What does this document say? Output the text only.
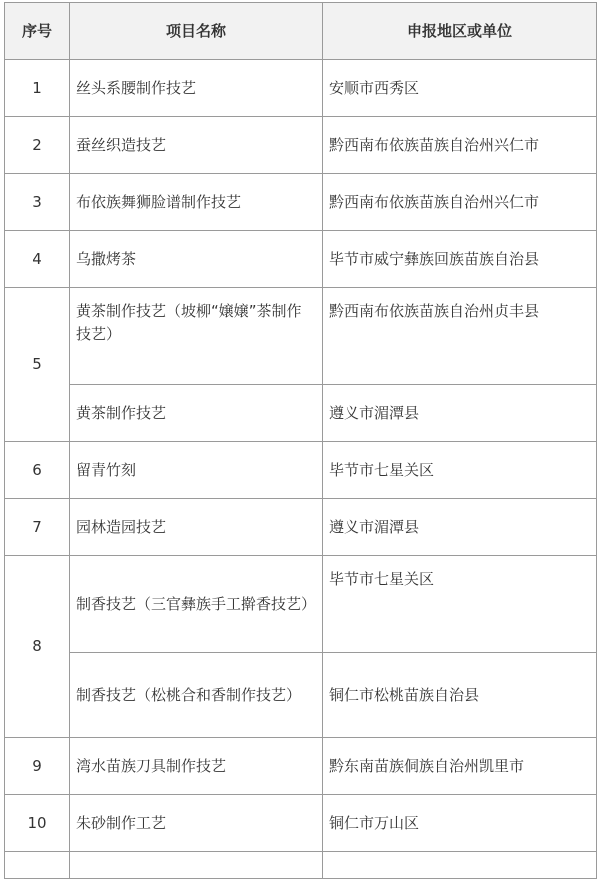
序号	项目名称	申报地区或单位
1	丝头系腰制作技艺	安顺市西秀区
2	蚕丝织造技艺	黔西南布依族苗族自治州兴仁市
3	布依族舞狮脸谱制作技艺	黔西南布依族苗族自治州兴仁市
4	乌撒烤茶	毕节市威宁彝族回族苗族自治县
5	黄茶制作技艺（坡柳“嬢嬢”茶制作技艺）	黔西南布依族苗族自治州贞丰县
	黄茶制作技艺	遵义市湄潭县
6	留青竹刻	毕节市七星关区
7	园林造园技艺	遵义市湄潭县
8	制香技艺（三官彝族手工擀香技艺）	毕节市七星关区
	制香技艺（松桃合和香制作技艺）	铜仁市松桃苗族自治县
9	湾水苗族刀具制作技艺	黔东南苗族侗族自治州凯里市
10	朱砂制作工艺	铜仁市万山区
